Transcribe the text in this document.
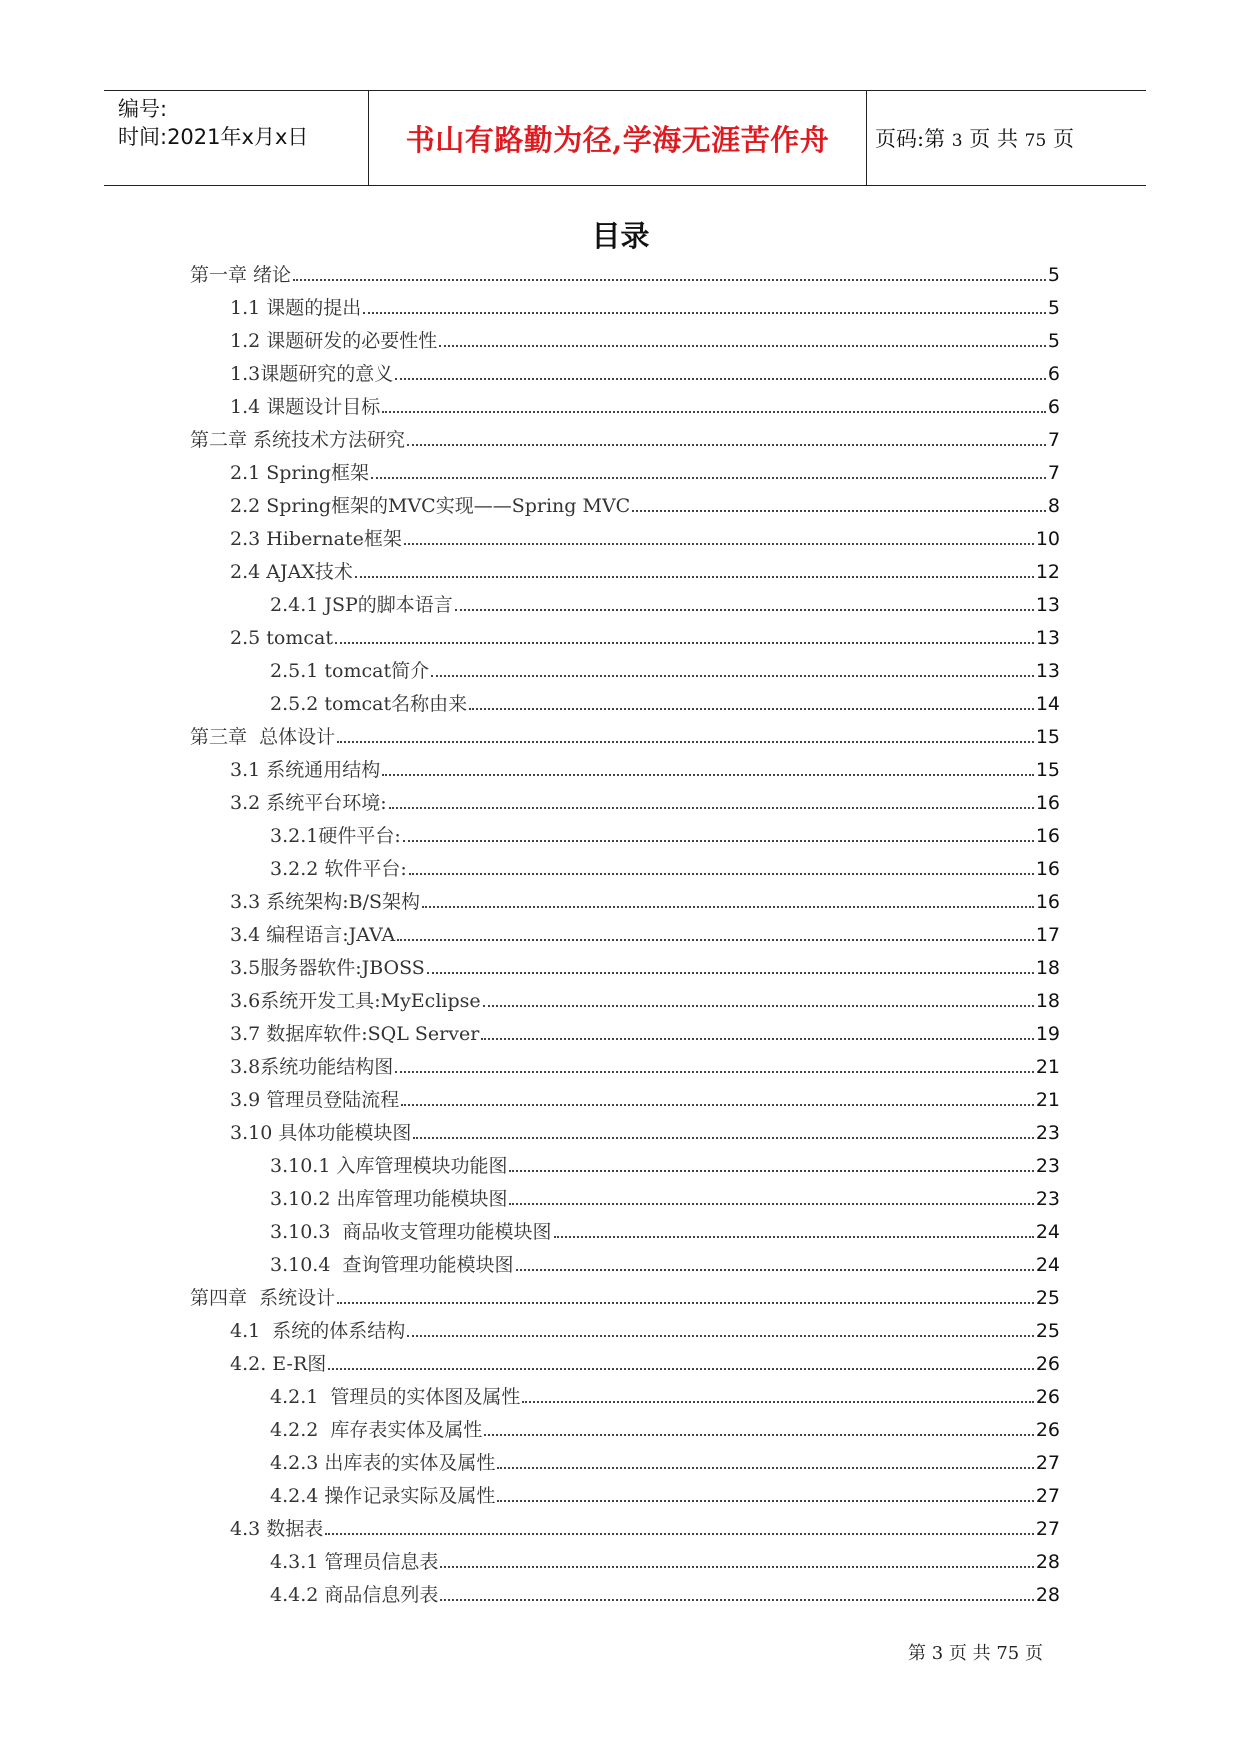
编号:
时间:2021年x月x日	书山有路勤为径,学海无涯苦作舟 页码:第 3 页 共 75 页
目录
第一章 绪论	5
1.1 课题的提出	5
1.2 课题研发的必要性性	5
1.3课题研究的意义	6
1.4 课题设计目标	6
第二章 系统技术方法研究	7
2.1 Spring框架	7
2.2 Spring框架的MVC实现——Spring MVC	8
2.3 Hibernate框架	10
2.4 AJAX技术	12
2.4.1 JSP的脚本语言	13
2.5 tomcat	13
2.5.1 tomcat简介	13
2.5.2 tomcat名称由来	14
第三章  总体设计	15
3.1 系统通用结构	15
3.2 系统平台环境:	16
3.2.1硬件平台:	16
3.2.2 软件平台:	16
3.3 系统架构:B/S架构	16
3.4 编程语言:JAVA	17
3.5服务器软件:JBOSS	18
3.6系统开发工具:MyEclipse	18
3.7 数据库软件:SQL Server	19
3.8系统功能结构图	21
3.9 管理员登陆流程	21
3.10 具体功能模块图	23
3.10.1 入库管理模块功能图	23
3.10.2 出库管理功能模块图	23
3.10.3  商品收支管理功能模块图	24
3.10.4  查询管理功能模块图	24
第四章  系统设计	25
4.1  系统的体系结构	25
4.2. E-R图	26
4.2.1  管理员的实体图及属性	26
4.2.2  库存表实体及属性	26
4.2.3 出库表的实体及属性	27
4.2.4 操作记录实际及属性	27
4.3 数据表	27
4.3.1 管理员信息表	28
4.4.2 商品信息列表	28
第 3 页 共 75 页
